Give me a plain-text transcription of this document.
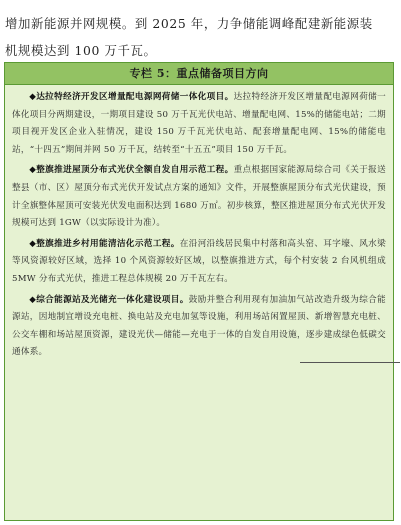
增加新能源并网规模。到 2025 年，力争储能调峰配建新能源装
机规模达到 100 万千瓦。
专栏 5：重点储备项目方向

◆达拉特经济开发区增量配电源网荷储一体化项目。达拉特经济开发区增量配电源网荷储一体化项目分两期建设，一期项目建设 50 万千瓦光伏电站、增量配电网、15%的储能电站；二期项目视开发区企业入驻情况，建设 150 万千瓦光伏电站、配套增量配电网、15%的储能电站，“十四五”期间并网 50 万千瓦，结转至“十五五”项目 150 万千瓦。

◆整旗推进屋顶分布式光伏全额自发自用示范工程。重点根据国家能源局综合司《关于报送整县（市、区）屋顶分布式光伏开发试点方案的通知》文件，开展整旗屋顶分布式光伏建设，预计全旗整体屋顶可安装光伏发电面积达到 1680 万㎡。初步核算，整区推进屋顶分布式光伏开发规模可达到 1GW（以实际设计为准）。

◆整旗推进乡村用能清洁化示范工程。在沿河沿线居民集中村落和高头窑、耳字壕、风水梁等风资源较好区域，选择 10 个风资源较好区域，以整旗推进方式，每个村安装 2 台风机组成 5MW 分布式光伏，推进工程总体规模 20 万千瓦左右。

◆综合能源站及光储充一体化建设项目。鼓励并整合利用现有加油加气站改造升级为综合能源站，因地制宜增设充电桩、换电站及充电加氢等设施，利用场站闲置屋顶、新增智慧充电桩、公交车棚和场站屋顶资源，建设光伏—储能—充电于一体的自发自用设施，逐步建成绿色低碳交通体系。
